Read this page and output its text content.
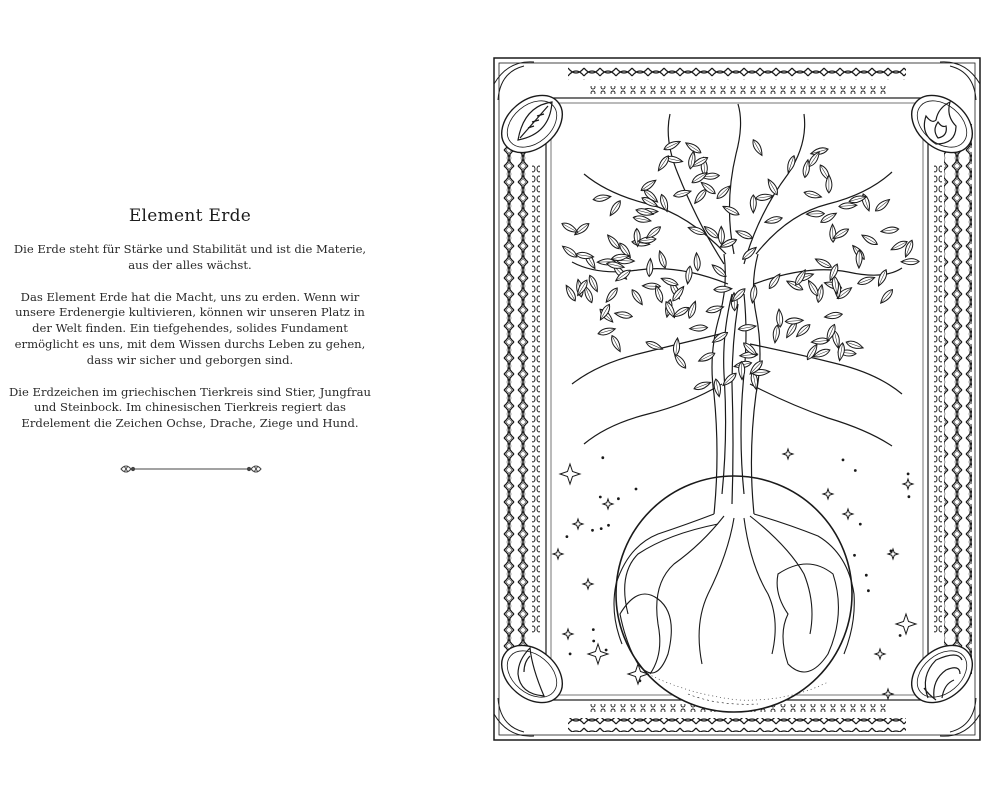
Element Erde

Die Erde steht für Stärke und Stabilität und ist die Materie, aus der alles wächst.

Das Element Erde hat die Macht, uns zu erden. Wenn wir unsere Erdenergie kultivieren, können wir unseren Platz in der Welt finden. Ein tiefgehendes, solides Fundament ermöglicht es uns, mit dem Wissen durchs Leben zu gehen, dass wir sicher und geborgen sind.

Die Erdzeichen im griechischen Tierkreis sind Stier, Jungfrau und Steinbock. Im chinesischen Tierkreis regiert das Erdelement die Zeichen Ochse, Drache, Ziege und Hund.
